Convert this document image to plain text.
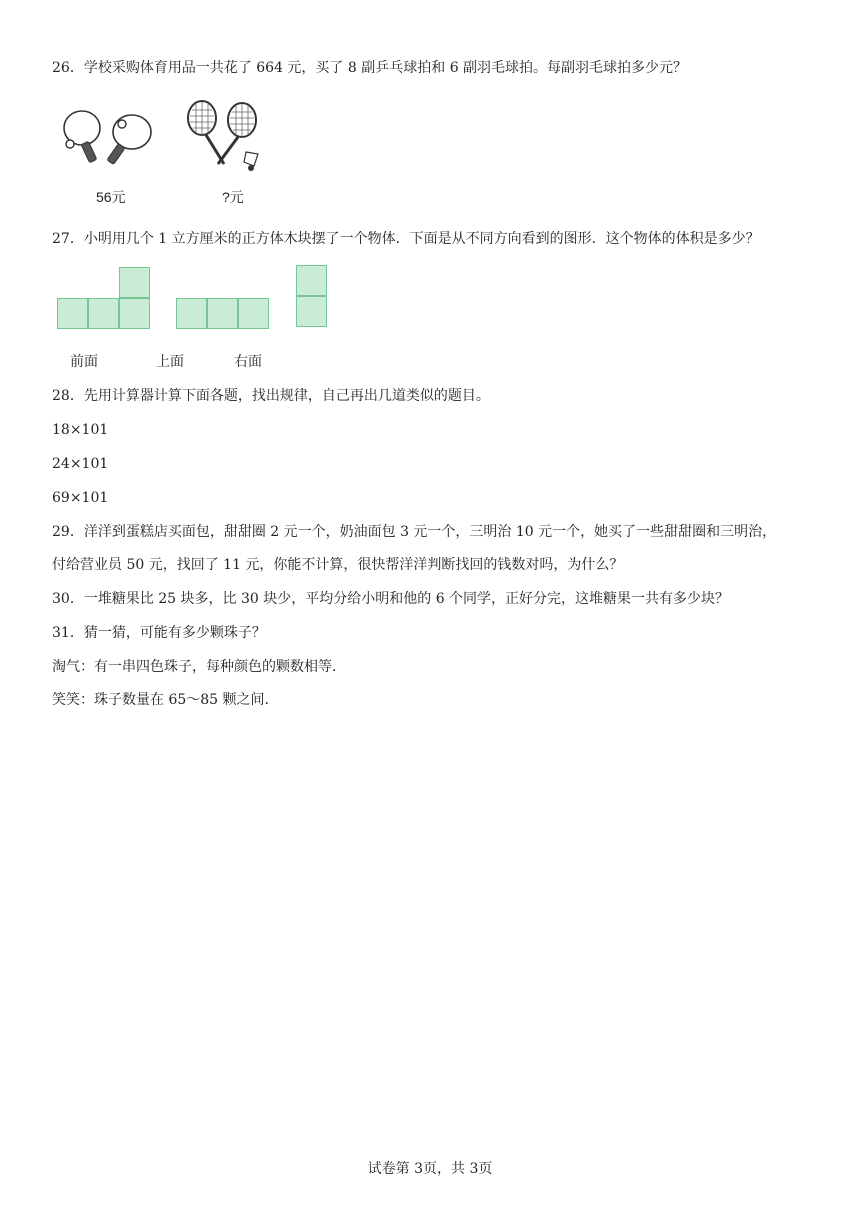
26．学校采购体育用品一共花了 664 元，买了 8 副乒乓球拍和 6 副羽毛球拍。每副羽毛球拍多少元？
56元	?元
27．小明用几个 1 立方厘米的正方体木块摆了一个物体．下面是从不同方向看到的图形．这个物体的体积是多少？
前面	上面	右面
28．先用计算器计算下面各题，找出规律，自己再出几道类似的题目。
18×101
24×101
69×101
29．洋洋到蛋糕店买面包，甜甜圈 2 元一个，奶油面包 3 元一个，三明治 10 元一个，她买了一些甜甜圈和三明治，
付给营业员 50 元，找回了 11 元，你能不计算，很快帮洋洋判断找回的钱数对吗，为什么？
30．一堆糖果比 25 块多，比 30 块少，平均分给小明和他的 6 个同学，正好分完，这堆糖果一共有多少块？
31．猜一猜，可能有多少颗珠子？
淘气：有一串四色珠子，每种颜色的颗数相等．
笑笑：珠子数量在 65～85 颗之间．
试卷第 3页，共 3页
